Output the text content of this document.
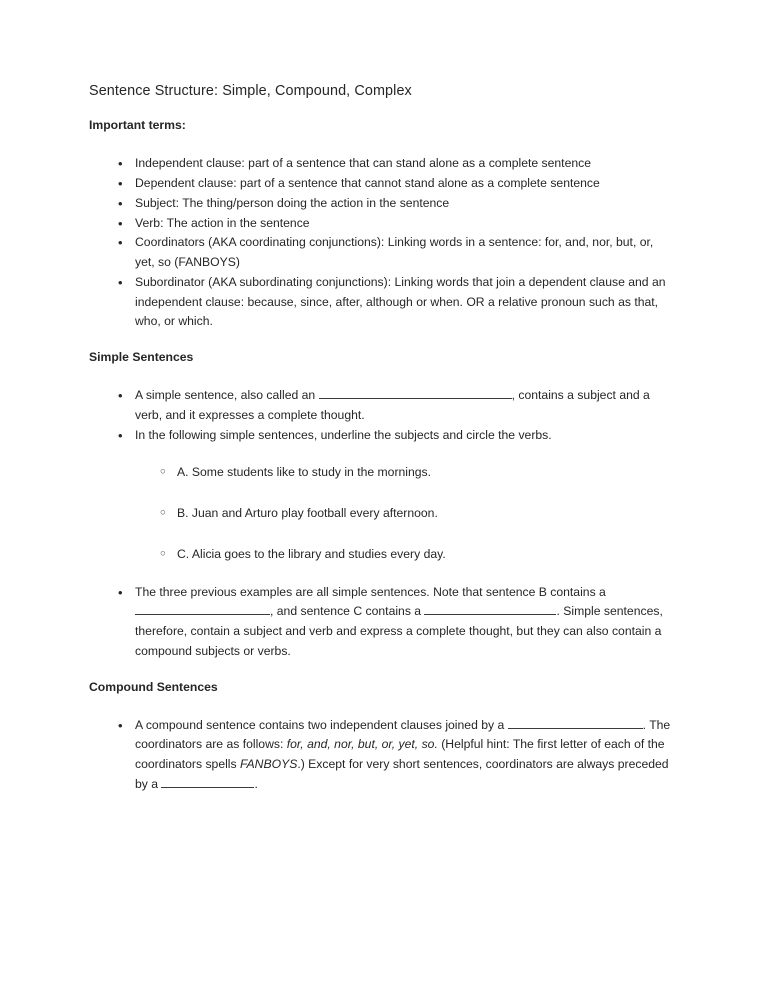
Sentence Structure: Simple, Compound, Complex
Important terms:
• Independent clause: part of a sentence that can stand alone as a complete sentence
• Dependent clause: part of a sentence that cannot stand alone as a complete sentence
• Subject: The thing/person doing the action in the sentence
• Verb: The action in the sentence
• Coordinators (AKA coordinating conjunctions): Linking words in a sentence: for, and, nor, but, or, yet, so (FANBOYS)
• Subordinator (AKA subordinating conjunctions): Linking words that join a dependent clause and an independent clause: because, since, after, although or when. OR a relative pronoun such as that, who, or which.
Simple Sentences
• A simple sentence, also called an	, contains a subject and a verb, and it expresses a complete thought.
• In the following simple sentences, underline the subjects and circle the verbs.
○ A. Some students like to study in the mornings.
○ B. Juan and Arturo play football every afternoon.
○ C. Alicia goes to the library and studies every day.
• The three previous examples are all simple sentences. Note that sentence B contains a , and sentence C contains a	. Simple sentences, therefore, contain a subject and verb and express a complete thought, but they can also contain a compound subjects or verbs.
Compound Sentences
• A compound sentence contains two independent clauses joined by a	. The coordinators are as follows: for, and, nor, but, or, yet, so. (Helpful hint: The first letter of each of the coordinators spells FANBOYS.) Except for very short sentences, coordinators are always preceded by a	.
